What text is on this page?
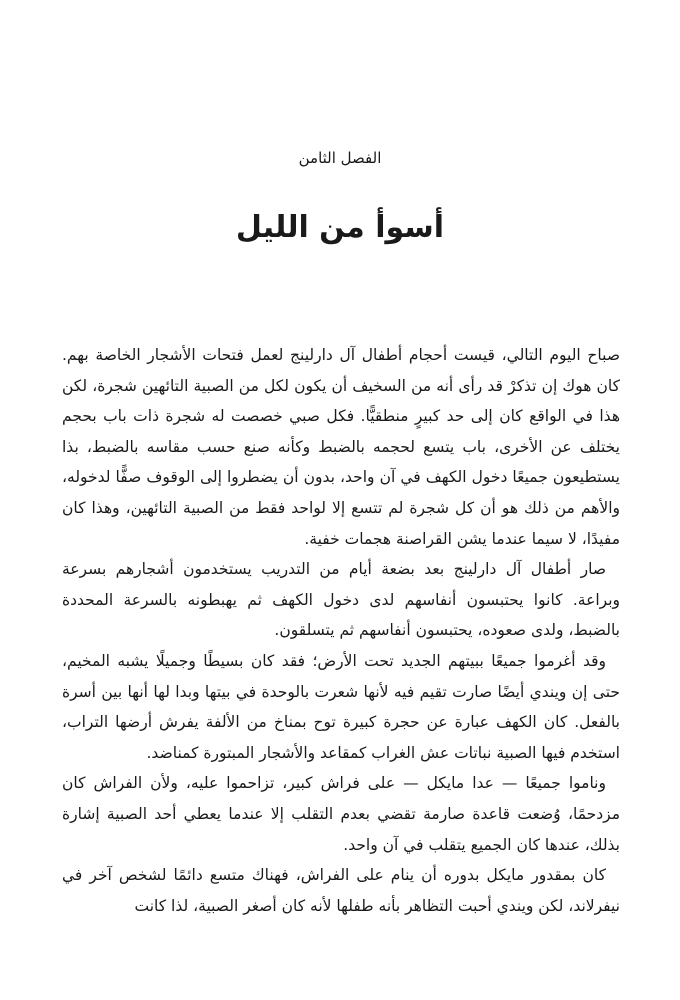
الفصل الثامن
أسوأ من الليل

صباح اليوم التالي، قيست أحجام أطفال آل دارلينج لعمل فتحات الأشجار الخاصة بهم. كان هوك إن تذكرْ قد رأى أنه من السخيف أن يكون لكل من الصبية التائهين شجرة، لكن هذا في الواقع كان إلى حد كبيرٍ منطقيًّا. فكل صبي خصصت له شجرة ذات باب بحجم يختلف عن الأخرى، باب يتسع لحجمه بالضبط وكأنه صنع حسب مقاسه بالضبط، بذا يستطيعون جميعًا دخول الكهف في آن واحد، بدون أن يضطروا إلى الوقوف صفًّا لدخوله، والأهم من ذلك هو أن كل شجرة لم تتسع إلا لواحد فقط من الصبية التائهين، وهذا كان مفيدًا، لا سيما عندما يشن القراصنة هجمات خفية.

صار أطفال آل دارلينج بعد بضعة أيام من التدريب يستخدمون أشجارهم بسرعة وبراعة. كانوا يحتبسون أنفاسهم لدى دخول الكهف ثم يهبطونه بالسرعة المحددة بالضبط، ولدى صعوده، يحتبسون أنفاسهم ثم يتسلقون.

وقد أغرموا جميعًا ببيتهم الجديد تحت الأرض؛ فقد كان بسيطًا وجميلًا يشبه المخيم، حتى إن ويندي أيضًا صارت تقيم فيه لأنها شعرت بالوحدة في بيتها وبدا لها أنها بين أسرة بالفعل. كان الكهف عبارة عن حجرة كبيرة توح بمناخ من الألفة يفرش أرضها التراب، استخدم فيها الصبية نباتات عش الغراب كمقاعد والأشجار المبتورة كمناضد.

وناموا جميعًا — عدا مايكل — على فراش كبير، تزاحموا عليه، ولأن الفراش كان مزدحمًا، وُضعت قاعدة صارمة تقضي بعدم التقلب إلا عندما يعطي أحد الصبية إشارة بذلك، عندها كان الجميع يتقلب في آن واحد.

كان بمقدور مايكل بدوره أن ينام على الفراش، فهناك متسع دائمًا لشخص آخر في نيفرلاند، لكن ويندي أحبت التظاهر بأنه طفلها لأنه كان أصغر الصبية، لذا كانت
